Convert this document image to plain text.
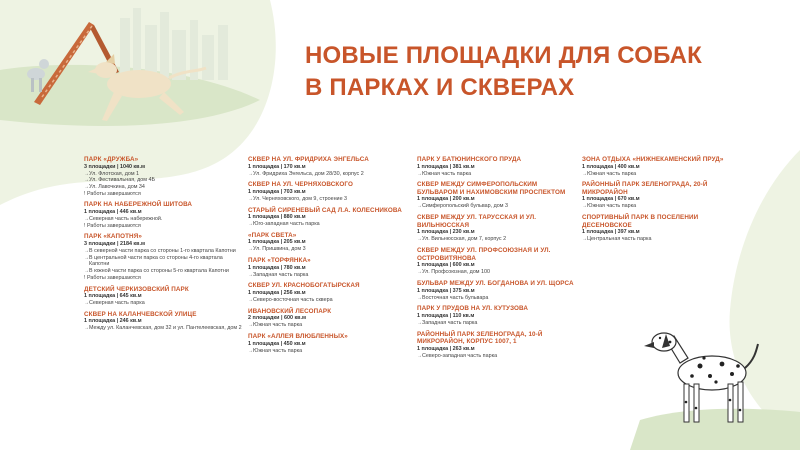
НОВЫЕ ПЛОЩАДКИ ДЛЯ СОБАК
В ПАРКАХ И СКВЕРАХ
ПАРК «ДРУЖБА»
3 площадки | 1040 кв.м
→ Ул. Флотская, дом 1
→ Ул. Фестивальная, дом 4Б
→ Ул. Лавочкина, дом 34
! Работы завершаются
ПАРК НА НАБЕРЕЖНОЙ ШИТОВА
1 площадка | 446 кв.м
→ Северная часть набережной.
! Работы завершаются
ПАРК «КАПОТНЯ»
3 площадки | 2184 кв.м
→ В северной части парка со стороны 1-го квартала Капотни
→ В центральной части парка со стороны 4-го квартала Капотни
→ В южной части парка со стороны 5-го квартала Капотни
! Работы завершаются
ДЕТСКИЙ ЧЕРКИЗОВСКИЙ ПАРК
1 площадка | 645 кв.м
→ Северная часть парка
СКВЕР НА КАЛАНЧЕВСКОЙ УЛИЦЕ
1 площадка | 246 кв.м
→ Между ул. Каланчевская, дом 32 и ул. Пантелеевская, дом 2
СКВЕР НА УЛ. ФРИДРИХА ЭНГЕЛЬСА
1 площадка | 170 кв.м
→ Ул. Фридриха Энгельса, дом 28/30, корпус 2
СКВЕР НА УЛ. ЧЕРНЯХОВСКОГО
1 площадка | 703 кв.м
→ Ул. Черняховского, дом 9, строение 3
СТАРЫЙ СИРЕНЕВЫЙ САД Л.А. КОЛЕСНИКОВА
1 площадка | 880 кв.м
→ Юго-западная часть парка
«ПАРК СВЕТА»
1 площадка | 205 кв.м
→ Ул. Пришвина, дом 3
ПАРК «ТОРФЯНКА»
1 площадка | 780 кв.м
→ Западная часть парка
СКВЕР УЛ. КРАСНОБОГАТЫРСКАЯ
1 площадка | 256 кв.м
→ Северо-восточная часть сквера
ИВАНОВСКИЙ ЛЕСОПАРК
2 площадки | 600 кв.м
→ Южная часть парка
ПАРК «АЛЛЕЯ ВЛЮБЛЕННЫХ»
1 площадка | 450 кв.м
→ Южная часть парка
ПАРК У БАТЮНИНСКОГО ПРУДА
1 площадка | 381 кв.м
→ Южная часть парка
СКВЕР МЕЖДУ СИМФЕРОПОЛЬСКИМ БУЛЬВАРОМ И НАХИМОВСКИМ ПРОСПЕКТОМ
1 площадка | 200 кв.м
→ Симферопольский бульвар, дом 3
СКВЕР МЕЖДУ УЛ. ТАРУССКАЯ И УЛ. ВИЛЬНЮССКАЯ
1 площадка | 230 кв.м
→ Ул. Вильнюсская, дом 7, корпус 2
СКВЕР МЕЖДУ УЛ. ПРОФСОЮЗНАЯ И УЛ. ОСТРОВИТЯНОВА
1 площадка | 600 кв.м
→ Ул. Профсоюзная, дом 100
БУЛЬВАР МЕЖДУ УЛ. БОГДАНОВА И УЛ. ЩОРСА
1 площадка | 375 кв.м
→ Восточная часть бульвара
ПАРК У ПРУДОВ НА УЛ. КУТУЗОВА
1 площадка | 110 кв.м
→ Западная часть парка
РАЙОННЫЙ ПАРК ЗЕЛЕНОГРАДА, 10-Й МИКРОРАЙОН, КОРПУС 1007, 1
1 площадка | 263 кв.м
→ Северо-западная часть парка
ЗОНА ОТДЫХА «НИЖНЕКАМЕНСКИЙ ПРУД»
1 площадка | 400 кв.м
→ Южная часть парка
РАЙОННЫЙ ПАРК ЗЕЛЕНОГРАДА, 20-Й МИКРОРАЙОН
1 площадка | 670 кв.м
→ Южная часть парка
СПОРТИВНЫЙ ПАРК В ПОСЕЛЕНИИ ДЕСЕНОВСКОЕ
1 площадка | 397 кв.м
→ Центральная часть парка
